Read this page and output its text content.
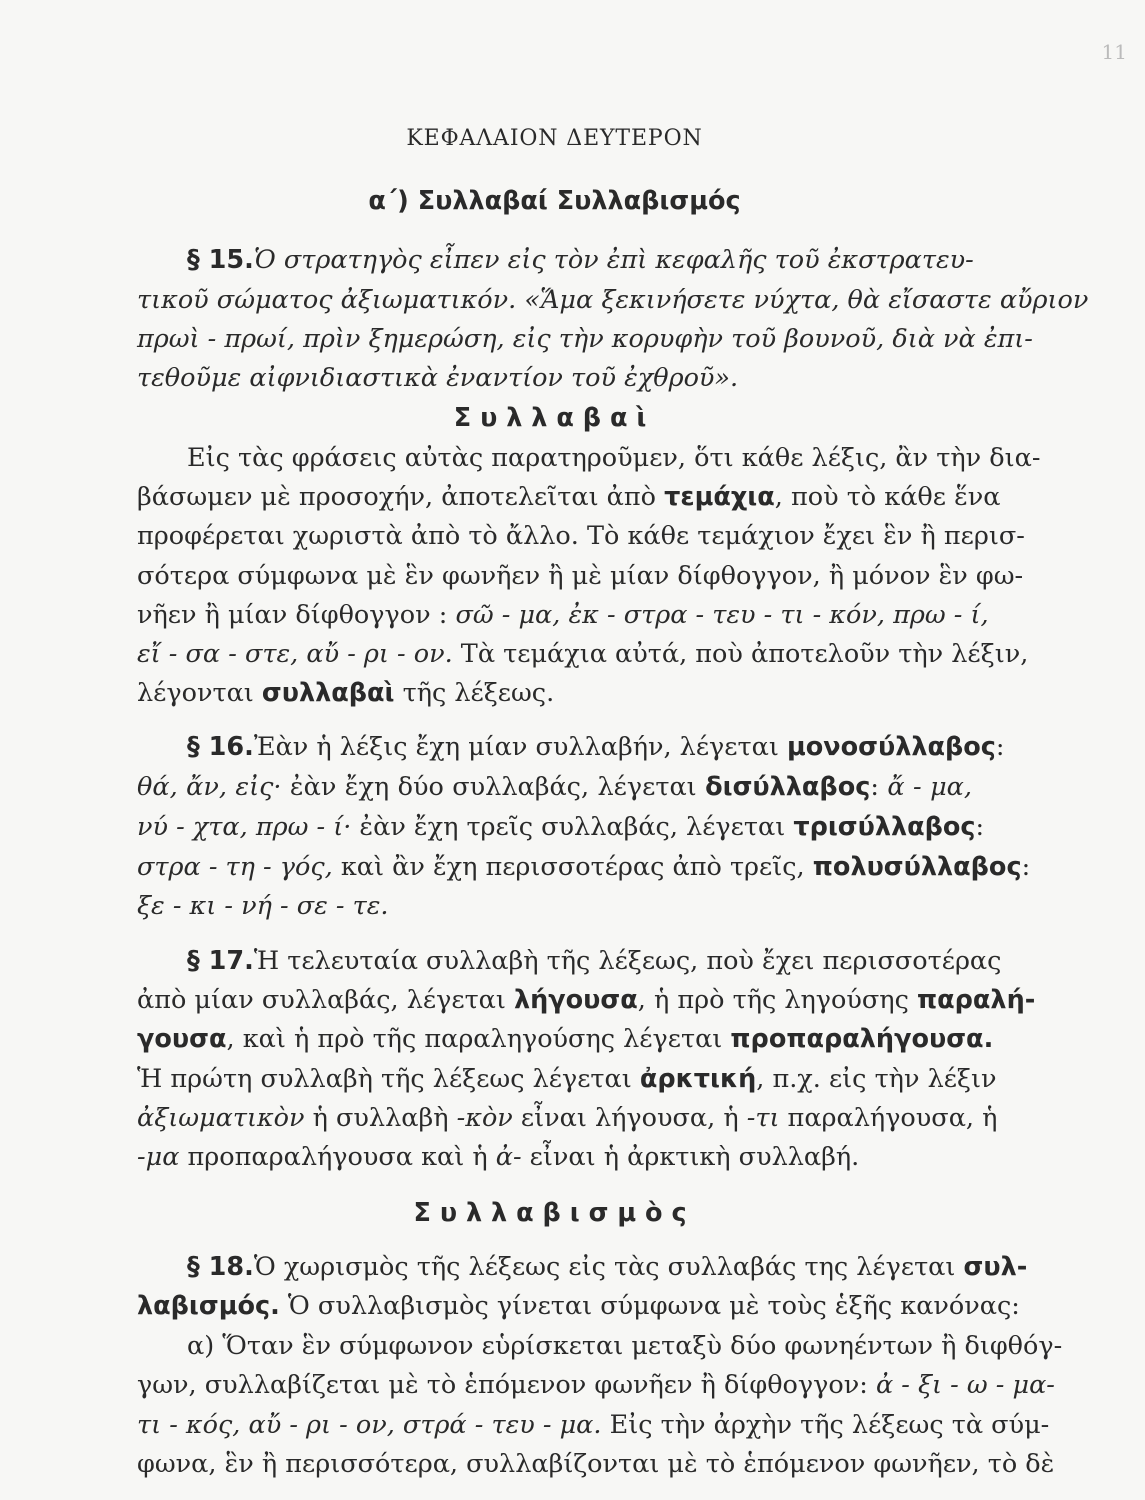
11
ΚΕΦΑΛΑΙΟΝ ΔΕΥΤΕΡΟΝ
α΄) Συλλαβαί Συλλαβισμός
§ 15.Ὁ στρατηγὸς εἶπεν εἰς τὸν ἐπὶ κεφαλῆς τοῦ ἐκστρατευ-
τικοῦ σώματος ἀξιωματικόν. «Ἅμα ξεκινήσετε νύχτα, θὰ εἴσαστε αὔριον
πρωὶ - πρωί, πρὶν ξημερώση, εἰς τὴν κορυφὴν τοῦ βουνοῦ, διὰ νὰ ἐπι-
τεθοῦμε αἰφνιδιαστικὰ ἐναντίον τοῦ ἐχθροῦ».
Συλλαβαὶ
Εἰς τὰς φράσεις αὐτὰς παρατηροῦμεν, ὅτι κάθε λέξις, ἂν τὴν δια-
βάσωμεν μὲ προσοχήν, ἀποτελεῖται ἀπὸ τεμάχια, ποὺ τὸ κάθε ἕνα
προφέρεται χωριστὰ ἀπὸ τὸ ἄλλο. Τὸ κάθε τεμάχιον ἔχει ἓν ἢ περισ-
σότερα σύμφωνα μὲ ἓν φωνῆεν ἢ μὲ μίαν δίφθογγον, ἢ μόνον ἓν φω-
νῆεν ἢ μίαν δίφθογγον : σῶ - μα, ἐκ - στρα - τευ - τι - κόν, πρω - ί,
εἴ - σα - στε, αὔ - ρι - ον. Τὰ τεμάχια αὐτά, ποὺ ἀποτελοῦν τὴν λέξιν,
λέγονται συλλαβαὶ τῆς λέξεως.
§ 16.Ἐὰν ἡ λέξις ἔχη μίαν συλλαβήν, λέγεται μονοσύλλαβος:
θά, ἄν, εἰς· ἐὰν ἔχη δύο συλλαβάς, λέγεται δισύλλαβος: ἄ - μα,
νύ - χτα, πρω - ί· ἐὰν ἔχη τρεῖς συλλαβάς, λέγεται τρισύλλαβος:
στρα - τη - γός, καὶ ἂν ἔχη περισσοτέρας ἀπὸ τρεῖς, πολυσύλλαβος:
ξε - κι - νή - σε - τε.
§ 17.Ἡ τελευταία συλλαβὴ τῆς λέξεως, ποὺ ἔχει περισσοτέρας
ἀπὸ μίαν συλλαβάς, λέγεται λήγουσα, ἡ πρὸ τῆς ληγούσης παραλή-
γουσα, καὶ ἡ πρὸ τῆς παραληγούσης λέγεται προπαραλήγουσα.
Ἡ πρώτη συλλαβὴ τῆς λέξεως λέγεται ἀρκτική, π.χ. εἰς τὴν λέξιν
ἀξιωματικὸν ἡ συλλαβὴ -κὸν εἶναι λήγουσα, ἡ -τι παραλήγουσα, ἡ
-μα προπαραλήγουσα καὶ ἡ ἀ- εἶναι ἡ ἀρκτικὴ συλλαβή.
Συλλαβισμὸς
§ 18.Ὁ χωρισμὸς τῆς λέξεως εἰς τὰς συλλαβάς της λέγεται συλ-
λαβισμός. Ὁ συλλαβισμὸς γίνεται σύμφωνα μὲ τοὺς ἑξῆς κανόνας:
α) Ὅταν ἓν σύμφωνον εὑρίσκεται μεταξὺ δύο φωνηέντων ἢ διφθόγ-
γων, συλλαβίζεται μὲ τὸ ἑπόμενον φωνῆεν ἢ δίφθογγον: ἀ - ξι - ω - μα-
τι - κός, αὔ - ρι - ον, στρά - τευ - μα. Εἰς τὴν ἀρχὴν τῆς λέξεως τὰ σύμ-
φωνα, ἓν ἢ περισσότερα, συλλαβίζονται μὲ τὸ ἑπόμενον φωνῆεν, τὸ δὲ
